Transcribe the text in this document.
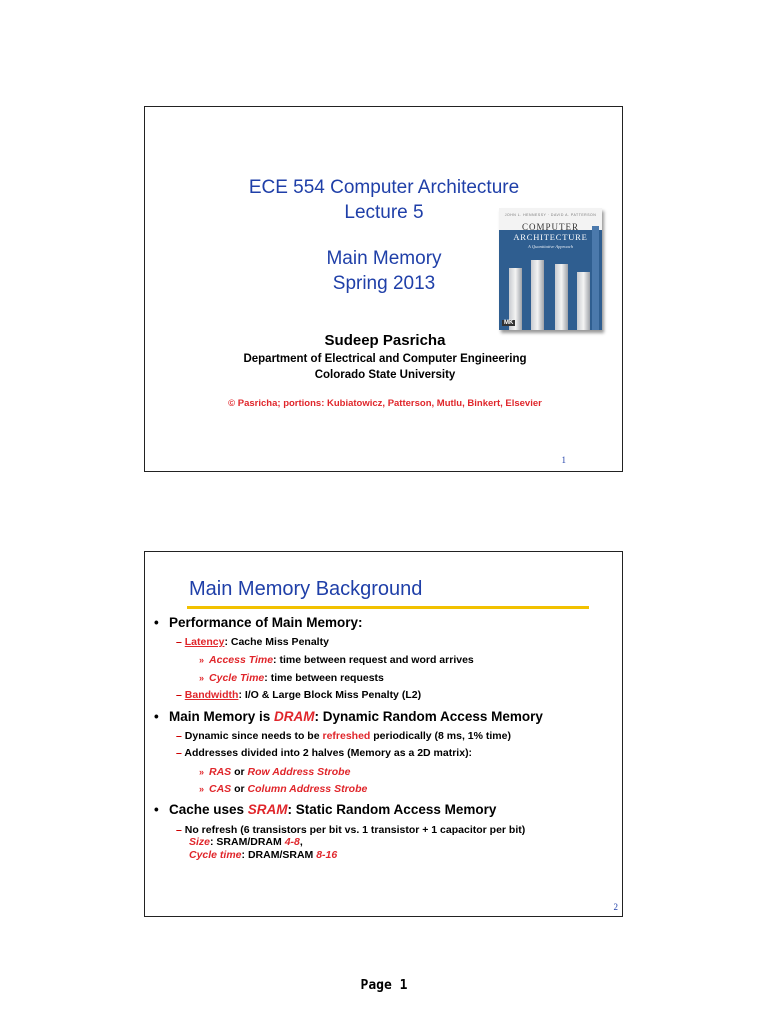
ECE 554 Computer Architecture
Lecture 5
Main Memory
Spring 2013
JOHN L. HENNESSY · DAVID A. PATTERSON
COMPUTER
ARCHITECTURE
A Quantitative Approach
MK
Sudeep Pasricha
Department of Electrical and Computer Engineering
Colorado State University
© Pasricha; portions: Kubiatowicz, Patterson, Mutlu, Binkert, Elsevier
1
Main Memory Background
• Performance of Main Memory:
– Latency: Cache Miss Penalty
» Access Time: time between request and word arrives
» Cycle Time: time between requests
– Bandwidth: I/O & Large Block Miss Penalty (L2)
• Main Memory is DRAM: Dynamic Random Access Memory
– Dynamic since needs to be refreshed periodically (8 ms, 1% time)
– Addresses divided into 2 halves (Memory as a 2D matrix):
» RAS or Row Address Strobe
» CAS or Column Address Strobe
• Cache uses SRAM: Static Random Access Memory
– No refresh (6 transistors per bit vs. 1 transistor + 1 capacitor per bit)
Size: SRAM/DRAM 4-8,
Cycle time: DRAM/SRAM 8-16
2
Page 1
